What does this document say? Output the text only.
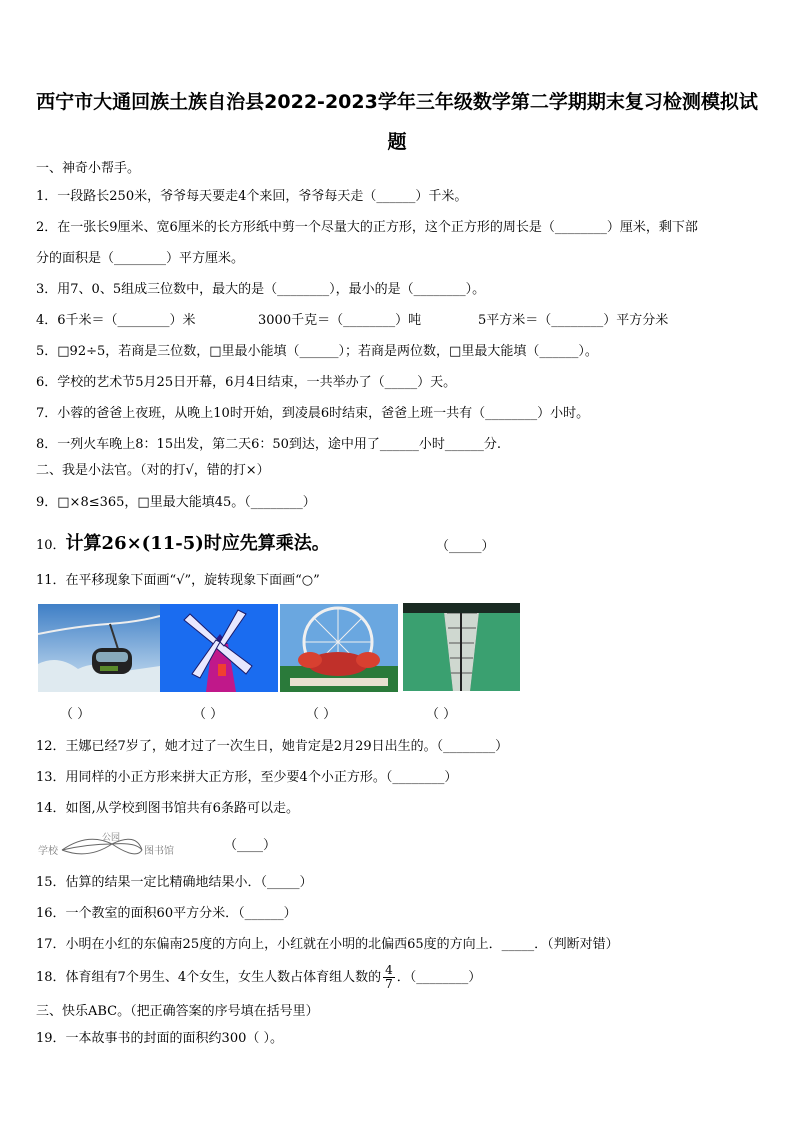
西宁市大通回族土族自治县2022-2023学年三年级数学第二学期期末复习检测模拟试
题
一、神奇小帮手。
1．一段路长250米，爷爷每天要走4个来回，爷爷每天走（______）千米。
2．在一张长9厘米、宽6厘米的长方形纸中剪一个尽量大的正方形，这个正方形的周长是（________）厘米，剩下部
分的面积是（________）平方厘米。
3．用7、0、5组成三位数中，最大的是（________），最小的是（________）。
4．6千米＝（________）米	3000千克＝（________）吨	5平方米＝（________）平方分米
5．□92÷5，若商是三位数，□里最小能填（______）；若商是两位数，□里最大能填（______）。
6．学校的艺术节5月25日开幕，6月4日结束，一共举办了（_____）天。
7．小蓉的爸爸上夜班，从晚上10时开始，到凌晨6时结束，爸爸上班一共有（________）小时。
8．一列火车晚上8：15出发，第二天6：50到达，途中用了______小时______分.
二、我是小法官。（对的打√，错的打×）
9．□×8≤365，□里最大能填45。（________）
10．计算26×(11-5)时应先算乘法。	（_____）
11．在平移现象下面画“√”，旋转现象下面画“○”
（ ）	（ ）	（ ）	（ ）
12．王娜已经7岁了，她才过了一次生日，她肯定是2月29日出生的。（________）
13．用同样的小正方形来拼大正方形，至少要4个小正方形。（________）
14．如图,从学校到图书馆共有6条路可以走。
学校
公园
图书馆	（____）
15．估算的结果一定比精确地结果小．（_____）
16．一个教室的面积60平方分米．（______）
17．小明在小红的东偏南25度的方向上，小红就在小明的北偏西65度的方向上．_____．（判断对错）
18．体育组有7个男生、4个女生，女生人数占体育组人数的 $\frac{4}{7}$ ．（________）
三、快乐ABC。（把正确答案的序号填在括号里）
19．一本故事书的封面的面积约300（ ）。
